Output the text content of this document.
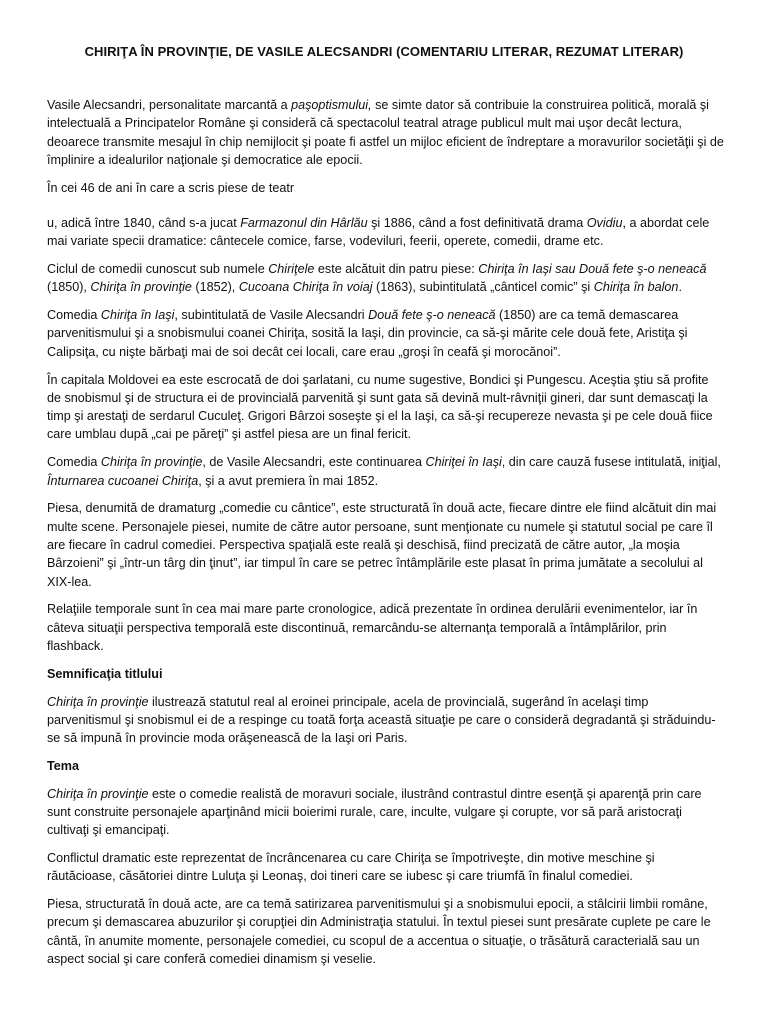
CHIRIŢA ÎN PROVINŢIE, DE VASILE ALECSANDRI (COMENTARIU LITERAR, REZUMAT LITERAR)

Vasile Alecsandri, personalitate marcantă a paşoptismului, se simte dator să contribuie la construirea politică, morală şi intelectuală a Principatelor Române şi consideră că spectacolul teatral atrage publicul mult mai uşor decât lectura, deoarece transmite mesajul în chip nemijlocit şi poate fi astfel un mijloc eficient de îndreptare a moravurilor societăţii şi de împlinire a idealurilor naţionale şi democratice ale epocii.

În cei 46 de ani în care a scris piese de teatr

u, adică între 1840, când s-a jucat Farmazonul din Hârlău şi 1886, când a fost definitivată drama Ovidiu, a abordat cele mai variate specii dramatice: cântecele comice, farse, vodeviluri, feerii, operete, comedii, drame etc.

Ciclul de comedii cunoscut sub numele Chiriţele este alcătuit din patru piese: Chiriţa în Iaşi sau Două fete ş-o neneacă (1850), Chiriţa în provinţie (1852), Cucoana Chiriţa în voiaj (1863), subintitulată „cânticel comic” şi Chiriţa în balon.

Comedia Chiriţa în Iaşi, subintitulată de Vasile Alecsandri Două fete ş-o neneacă (1850) are ca temă demascarea parvenitismului şi a snobismului coanei Chiriţa, sosită la Iaşi, din provincie, ca să-şi mărite cele două fete, Aristiţa şi Calipsiţa, cu nişte bărbaţi mai de soi decât cei locali, care erau „groşi în ceafă şi morocănoi”.

În capitala Moldovei ea este escrocată de doi şarlatani, cu nume sugestive, Bondici şi Pungescu. Aceştia ştiu să profite de snobismul şi de structura ei de provincială parvenită şi sunt gata să devină mult-râvniţii gineri, dar sunt demascaţi la timp şi arestaţi de serdarul Cuculeţ. Grigori Bârzoi soseşte şi el la Iaşi, ca să-şi recupereze nevasta şi pe cele două fiice care umblau după „cai pe păreţi” şi astfel piesa are un final fericit.

Comedia Chiriţa în provinţie, de Vasile Alecsandri, este continuarea Chiriţei în Iaşi, din care cauză fusese intitulată, iniţial, Înturnarea cucoanei Chiriţa, şi a avut premiera în mai 1852.

Piesa, denumită de dramaturg „comedie cu cântice”, este structurată în două acte, fiecare dintre ele fiind alcătuit din mai multe scene. Personajele piesei, numite de către autor persoane, sunt menţionate cu numele şi statutul social pe care îl are fiecare în cadrul comediei. Perspectiva spaţială este reală şi deschisă, fiind precizată de către autor, „la moşia Bârzoieni” şi „într-un târg din ţinut”, iar timpul în care se petrec întâmplările este plasat în prima jumătate a secolului al XIX-lea.

Relaţiile temporale sunt în cea mai mare parte cronologice, adică prezentate în ordinea derulării evenimentelor, iar în câteva situaţii perspectiva temporală este discontinuă, remarcându-se alternanţa temporală a întâmplărilor, prin flashback.

Semnificaţia titlului

Chiriţa în provinţie ilustrează statutul real al eroinei principale, acela de provincială, sugerând în acelaşi timp parvenitismul şi snobismul ei de a respinge cu toată forţa această situaţie pe care o consideră degradantă şi străduindu-se să impună în provincie moda orăşenească de la Iaşi ori Paris.

Tema

Chiriţa în provinţie este o comedie realistă de moravuri sociale, ilustrând contrastul dintre esenţă şi aparenţă prin care sunt construite personajele aparţinând micii boierimi rurale, care, inculte, vulgare şi corupte, vor să pară aristocraţi cultivaţi şi emancipaţi.

Conflictul dramatic este reprezentat de încrâncenarea cu care Chiriţa se împotriveşte, din motive meschine şi răutăcioase, căsătoriei dintre Luluţa şi Leonaş, doi tineri care se iubesc şi care triumfă în finalul comediei.

Piesa, structurată în două acte, are ca temă satirizarea parvenitismului şi a snobismului epocii, a stâlcirii limbii române, precum şi demascarea abuzurilor şi corupţiei din Administraţia statului. În textul piesei sunt presărate cuplete pe care le cântă, în anumite momente, personajele comediei, cu scopul de a accentua o situaţie, o trăsătură caracterială sau un aspect social şi care conferă comediei dinamism şi veselie.
